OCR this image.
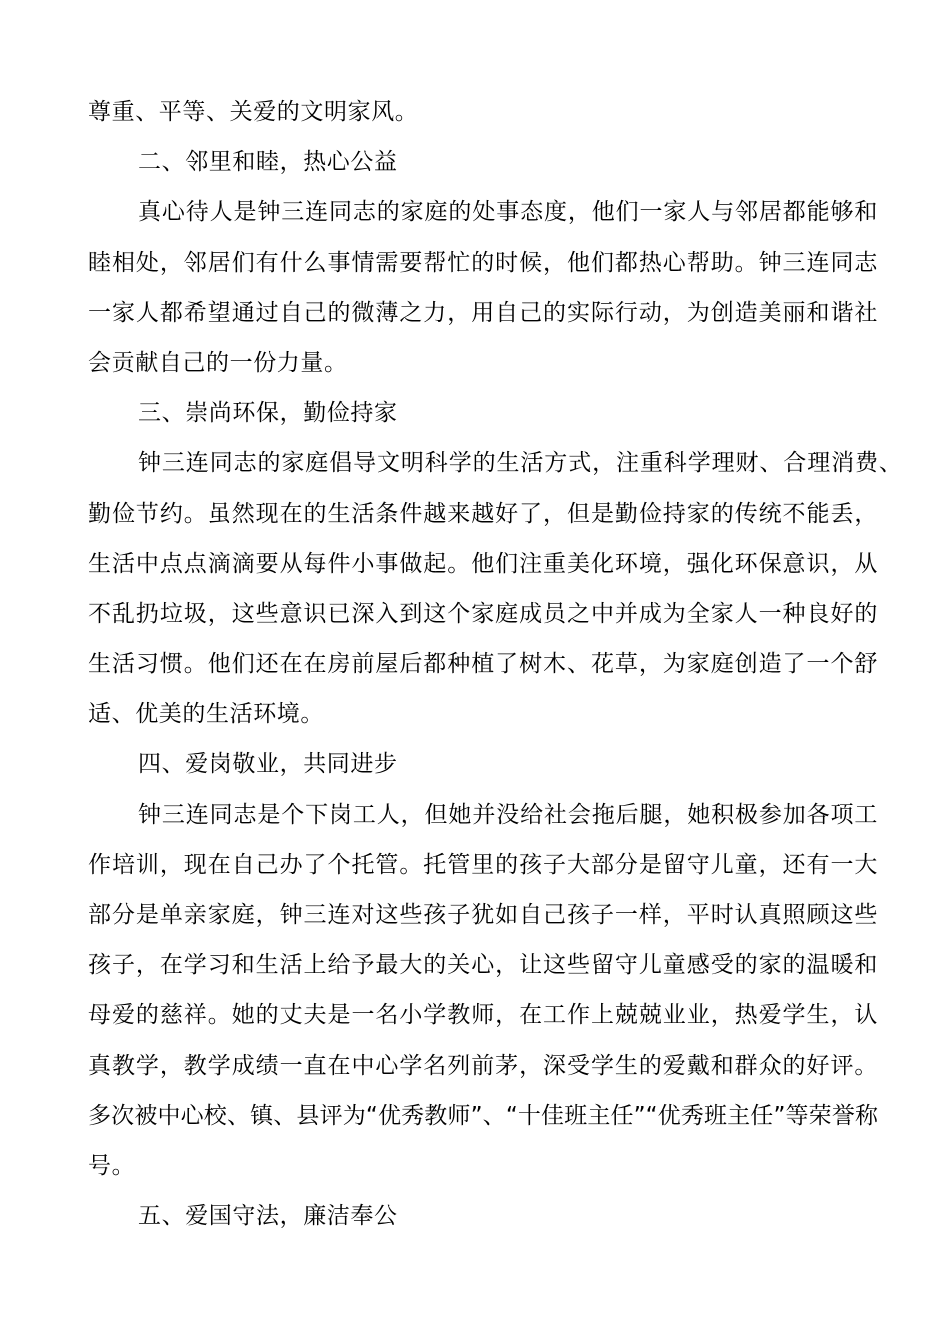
尊重、平等、关爱的文明家风。
二、邻里和睦，热心公益
真心待人是钟三连同志的家庭的处事态度，他们一家人与邻居都能够和
睦相处，邻居们有什么事情需要帮忙的时候，他们都热心帮助。钟三连同志
一家人都希望通过自己的微薄之力，用自己的实际行动，为创造美丽和谐社
会贡献自己的一份力量。
三、崇尚环保，勤俭持家
钟三连同志的家庭倡导文明科学的生活方式，注重科学理财、合理消费、
勤俭节约。虽然现在的生活条件越来越好了，但是勤俭持家的传统不能丢，
生活中点点滴滴要从每件小事做起。他们注重美化环境，强化环保意识，从
不乱扔垃圾，这些意识已深入到这个家庭成员之中并成为全家人一种良好的
生活习惯。他们还在在房前屋后都种植了树木、花草，为家庭创造了一个舒
适、优美的生活环境。
四、爱岗敬业，共同进步
钟三连同志是个下岗工人，但她并没给社会拖后腿，她积极参加各项工
作培训，现在自己办了个托管。托管里的孩子大部分是留守儿童，还有一大
部分是单亲家庭，钟三连对这些孩子犹如自己孩子一样，平时认真照顾这些
孩子，在学习和生活上给予最大的关心，让这些留守儿童感受的家的温暖和
母爱的慈祥。她的丈夫是一名小学教师，在工作上兢兢业业，热爱学生，认
真教学，教学成绩一直在中心学名列前茅，深受学生的爱戴和群众的好评。
多次被中心校、镇、县评为“优秀教师”、“十佳班主任”“优秀班主任”等荣誉称
号。
五、爱国守法，廉洁奉公
